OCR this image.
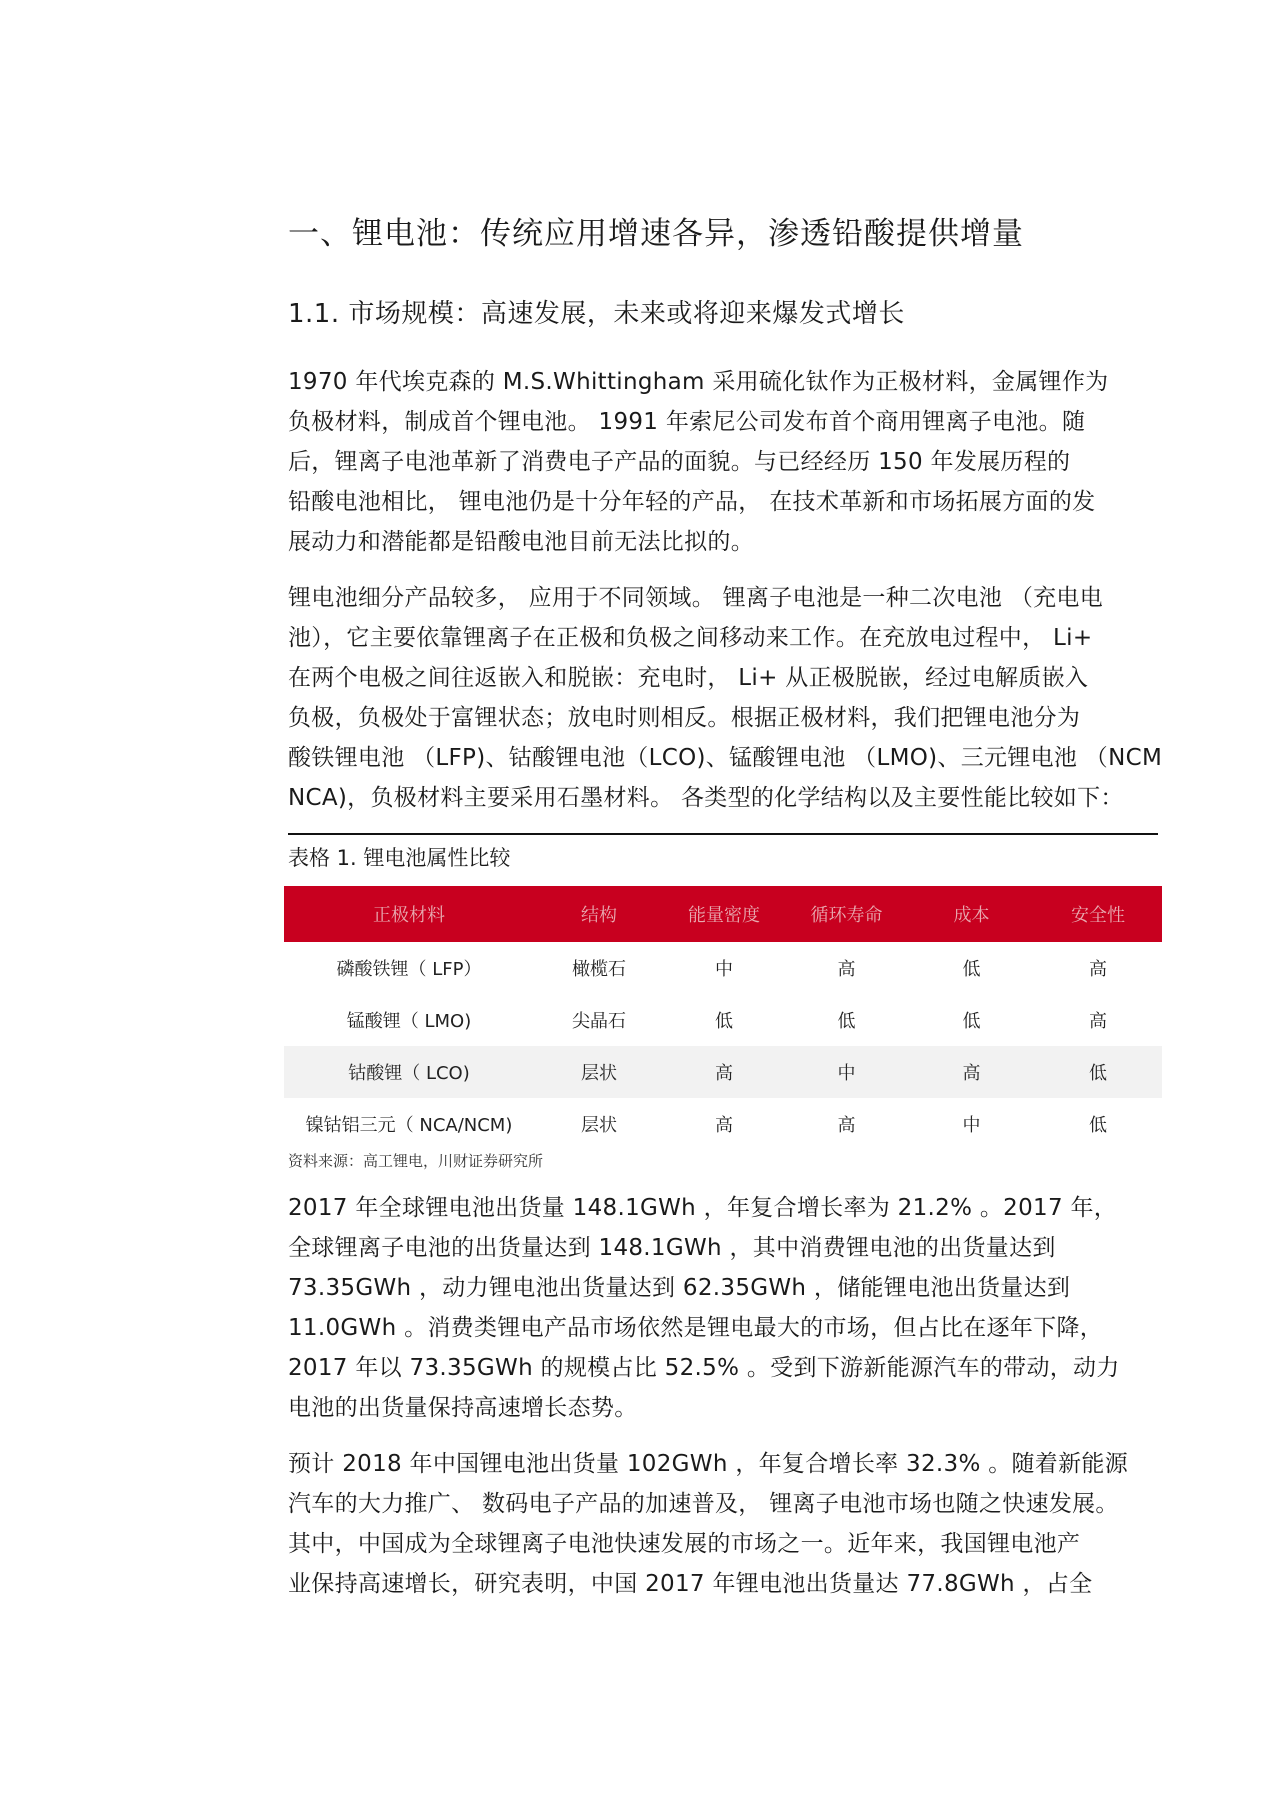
一、锂电池：传统应用增速各异，渗透铅酸提供增量
1.1. 市场规模：高速发展，未来或将迎来爆发式增长
1970 年代埃克森的 M.S.Whittingham 采用硫化钛作为正极材料，金属锂作为
负极材料，制成首个锂电池。 1991 年索尼公司发布首个商用锂离子电池。随
后，锂离子电池革新了消费电子产品的面貌。与已经经历 150 年发展历程的
铅酸电池相比， 锂电池仍是十分年轻的产品， 在技术革新和市场拓展方面的发
展动力和潜能都是铅酸电池目前无法比拟的。
锂电池细分产品较多， 应用于不同领域。 锂离子电池是一种二次电池 （充电电
池），它主要依靠锂离子在正极和负极之间移动来工作。在充放电过程中， Li+
在两个电极之间往返嵌入和脱嵌：充电时， Li+ 从正极脱嵌，经过电解质嵌入
负极，负极处于富锂状态；放电时则相反。根据正极材料，我们把锂电池分为
酸铁锂电池 （LFP)、钴酸锂电池（LCO)、锰酸锂电池 （LMO)、三元锂电池 （NCM
NCA)，负极材料主要采用石墨材料。 各类型的化学结构以及主要性能比较如下：
表格 1. 锂电池属性比较
正极材料	结构	能量密度	循环寿命	成本	安全性
磷酸铁锂（ LFP）	橄榄石	中	高	低	高
锰酸锂（ LMO)	尖晶石	低	低	低	高
钴酸锂（ LCO)	层状	高	中	高	低
镍钴铝三元（ NCA/NCM)	层状	高	高	中	低
资料来源：高工锂电，川财证券研究所
2017 年全球锂电池出货量 148.1GWh ，年复合增长率为 21.2% 。2017 年，
全球锂离子电池的出货量达到 148.1GWh ，其中消费锂电池的出货量达到
73.35GWh ，动力锂电池出货量达到 62.35GWh ，储能锂电池出货量达到
11.0GWh 。消费类锂电产品市场依然是锂电最大的市场，但占比在逐年下降，
2017 年以 73.35GWh 的规模占比 52.5% 。受到下游新能源汽车的带动，动力
电池的出货量保持高速增长态势。
预计 2018 年中国锂电池出货量 102GWh ，年复合增长率 32.3% 。随着新能源
汽车的大力推广、 数码电子产品的加速普及， 锂离子电池市场也随之快速发展。
其中，中国成为全球锂离子电池快速发展的市场之一。近年来，我国锂电池产
业保持高速增长，研究表明，中国 2017 年锂电池出货量达 77.8GWh ，占全
